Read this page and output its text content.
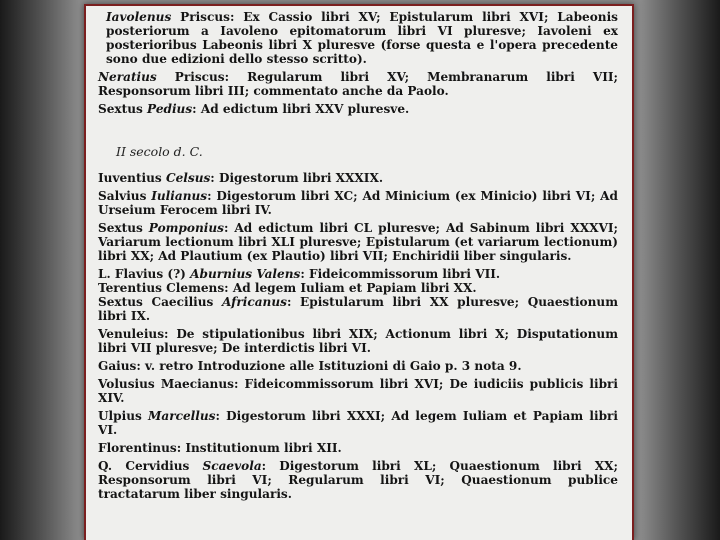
Iavolenus Priscus: Ex Cassio libri XV; Epistularum libri XVI; Labeonis posteriorum a Iavoleno epitomatorum libri VI pluresve; Iavoleni ex posterioribus Labeonis libri X pluresve (forse questa e l'opera precedente sono due edizioni dello stesso scritto).

Neratius Priscus: Regularum libri XV; Membranarum libri VII; Responsorum libri III; commentato anche da Paolo.

Sextus Pedius: Ad edictum libri XXV pluresve.

II secolo d. C.

Iuventius Celsus: Digestorum libri XXXIX.

Salvius Iulianus: Digestorum libri XC; Ad Minicium (ex Minicio) libri VI; Ad Urseium Ferocem libri IV.

Sextus Pomponius: Ad edictum libri CL pluresve; Ad Sabinum libri XXXVI; Variarum lectionum libri XLI pluresve; Epistularum (et variarum lectionum) libri XX; Ad Plautium (ex Plautio) libri VII; Enchiridii liber singularis.

L. Flavius (?) Aburnius Valens: Fideicommissorum libri VII.

Terentius Clemens: Ad legem Iuliam et Papiam libri XX.

Sextus Caecilius Africanus: Epistularum libri XX pluresve; Quaestionum libri IX.

Venuleius: De stipulationibus libri XIX; Actionum libri X; Disputationum libri VII pluresve; De interdictis libri VI.

Gaius: v. retro Introduzione alle Istituzioni di Gaio p. 3 nota 9.

Volusius Maecianus: Fideicommissorum libri XVI; De iudiciis publicis libri XIV.

Ulpius Marcellus: Digestorum libri XXXI; Ad legem Iuliam et Papiam libri VI.

Florentinus: Institutionum libri XII.

Q. Cervidius Scaevola: Digestorum libri XL; Quaestionum libri XX; Responsorum libri VI; Regularum libri VI; Quaestionum publice tractatarum liber singularis.
